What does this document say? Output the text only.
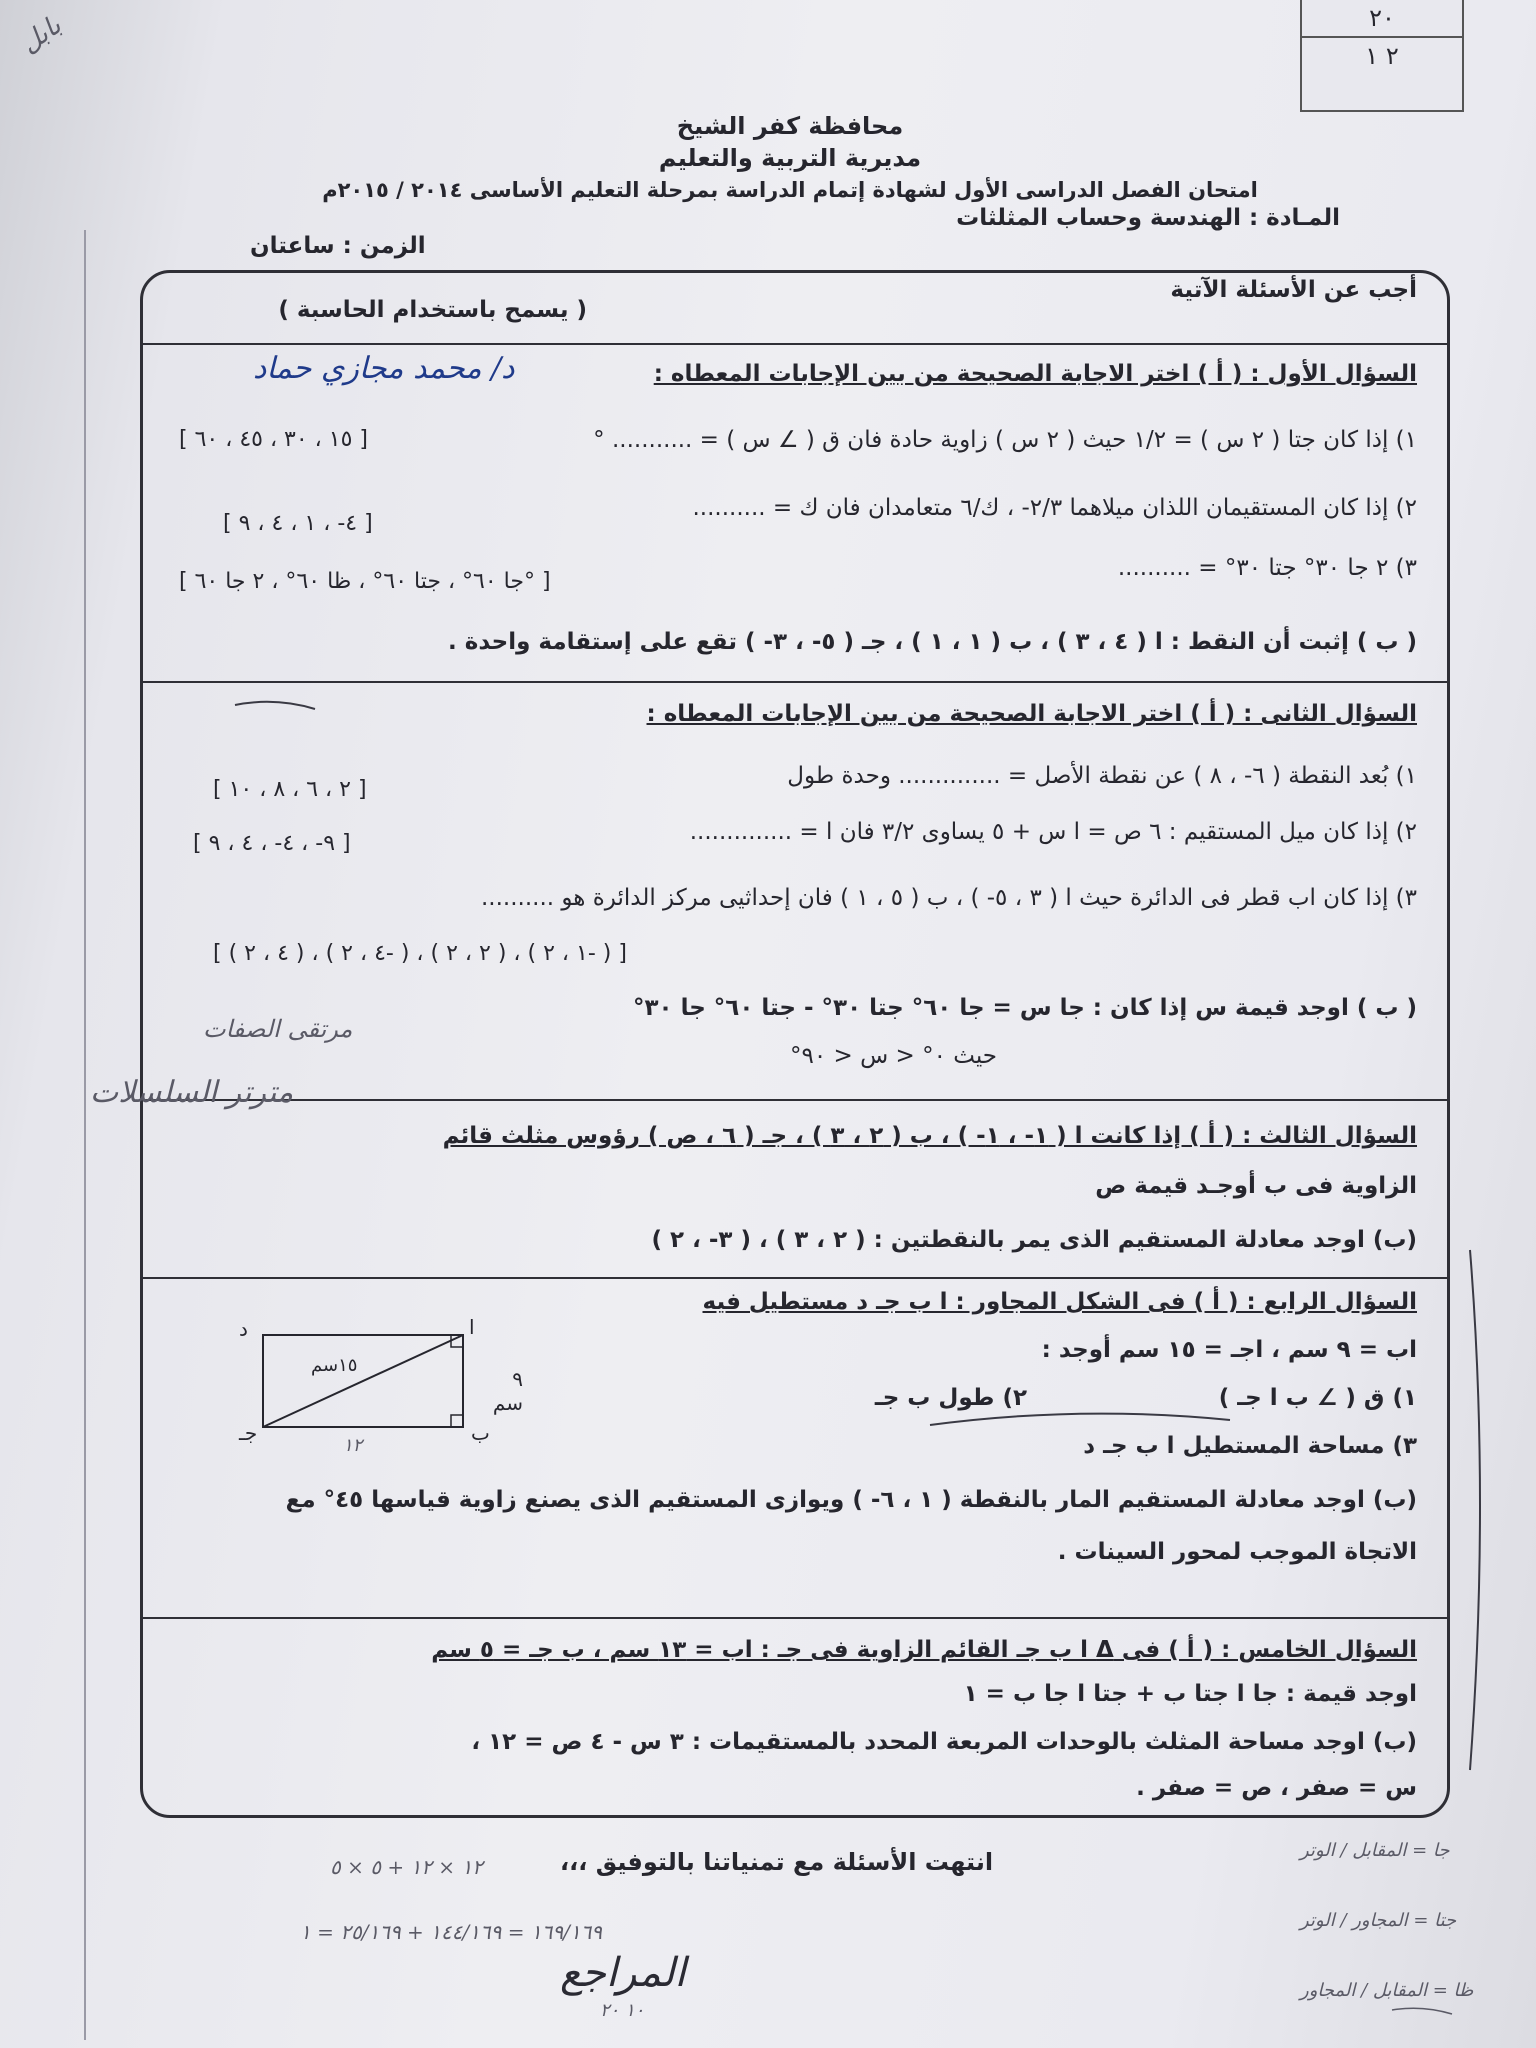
٢٠
٢ ١
بابل
محافظة كفر الشيخ
مديرية التربية والتعليم
امتحان الفصل الدراسى الأول لشهادة إتمام الدراسة بمرحلة التعليم الأساسى ٢٠١٤ / ٢٠١٥م
المـادة : الهندسة وحساب المثلثات
الزمن : ساعتان
أجب عن الأسئلة الآتية
( يسمح باستخدام الحاسبة )
السؤال الأول : ( أ ) اختر الاجابة الصحيحة من بين الإجابات المعطاه :
د/ محمد مجازي حماد
١) إذا كان جتا ( ٢ س ) = ١/٢ حيث ( ٢ س ) زاوية حادة فان ق ( ∠ س ) = ........... °
[ ١٥ ، ٣٠ ، ٤٥ ، ٦٠ ]
٢) إذا كان المستقيمان اللذان ميلاهما ٢/٣- ، ك/٦ متعامدان فان ك = ..........
[ ٤- ، ١ ، ٤ ، ٩ ]
٣) ٢ جا ٣٠° جتا ٣٠° = ..........
[ جا ٦٠° ، جتا ٦٠° ، ظا ٦٠° ، ٢ جا ٦٠° ]
( ب ) إثبت أن النقط : ا ( ٤ ، ٣ ) ، ب ( ١ ، ١ ) ، جـ ( ٥- ، ٣- ) تقع على إستقامة واحدة .
السؤال الثانى : ( أ ) اختر الاجابة الصحيحة من بين الإجابات المعطاه :
١) بُعد النقطة ( ٦- ، ٨ ) عن نقطة الأصل = .............. وحدة طول
[ ٢ ، ٦ ، ٨ ، ١٠ ]
٢) إذا كان ميل المستقيم : ٦ ص = ا س + ٥ يساوى ٣/٢ فان ا = ..............
[ ٩- ، ٤- ، ٤ ، ٩ ]
٣) إذا كان اب قطر فى الدائرة حيث ا ( ٣ ، ٥- ) ، ب ( ٥ ، ١ ) فان إحداثيى مركز الدائرة هو ..........
[ ( ٤ ، ٢ ) ، ( ٤ ، ٢- ) ، ( ٢ ، ٢ ) ، ( ١ ، ٢- ) ]
( ب ) اوجد قيمة س إذا كان : جا س = جا ٦٠° جتا ٣٠° - جتا ٦٠° جا ٣٠°
حيث ٠° < س < ٩٠°
مرتقى الصفات
السؤال الثالث : ( أ ) إذا كانت ا ( ١- ، ١- ) ، ب ( ٢ ، ٣ ) ، جـ ( ٦ ، ص ) رؤوس مثلث قائم
الزاوية فى ب أوجـد قيمة ص
(ب) اوجد معادلة المستقيم الذى يمر بالنقطتين : ( ٢ ، ٣ ) ، ( ٣- ، ٢ )
السؤال الرابع : ( أ ) فى الشكل المجاور : ا ب جـ د مستطيل فيه
اب = ٩ سم ، اجـ = ١٥ سم أوجد :
١) ق ( ∠ ب ا جـ )
٢) طول ب جـ
٣) مساحة المستطيل ا ب جـ د
(ب) اوجد معادلة المستقيم المار بالنقطة ( ١ ، ٦- ) ويوازى المستقيم الذى يصنع زاوية قياسها ٤٥° مع
الاتجاة الموجب لمحور السينات .
ا
ب
جـ
د
٩ سم
١٥سم
١٢
السؤال الخامس : ( أ ) فى Δ ا ب جـ القائم الزاوية فى جـ : اب = ١٣ سم ، ب جـ = ٥ سم
اوجد قيمة : جا ا جتا ب + جتا ا جا ب = ١
(ب) اوجد مساحة المثلث بالوحدات المربعة المحدد بالمستقيمات : ٣ س - ٤ ص = ١٢ ،
س = صفر ، ص = صفر .
مترتر السلسلات
انتهت الأسئلة مع تمنياتنا بالتوفيق ،،،
١٢ × ١٢ + ٥ × ٥
١٦٩/١٦٩ = ١٤٤/١٦٩ + ٢٥/١٦٩ = ١
المراجع
١٠ ٢٠
جا = المقابل / الوتر
جتا = المجاور / الوتر
ظا = المقابل / المجاور
